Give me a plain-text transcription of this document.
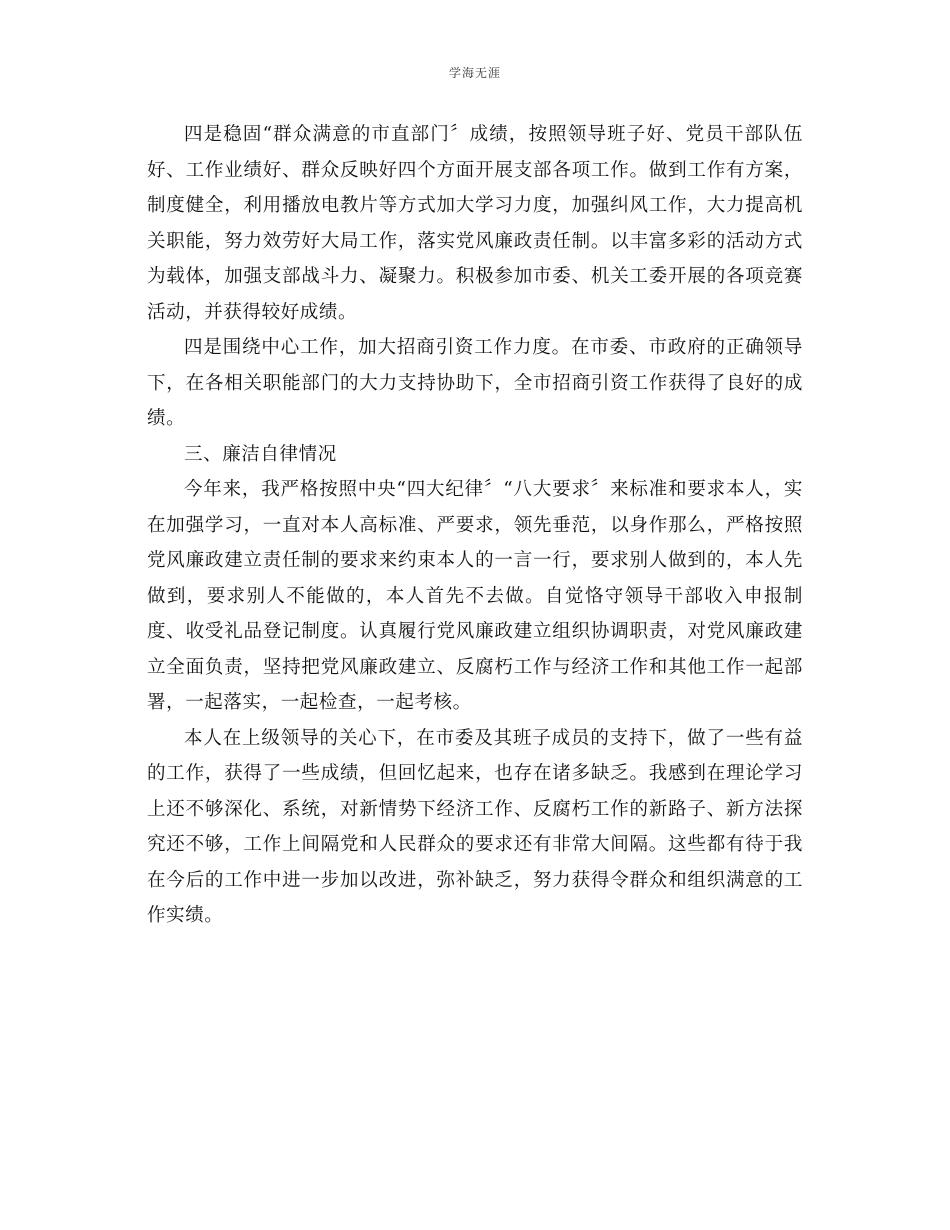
学海无涯

四是稳固“群众满意的市直部门〞成绩，按照领导班子好、党员干部队伍好、工作业绩好、群众反映好四个方面开展支部各项工作。做到工作有方案，制度健全，利用播放电教片等方式加大学习力度，加强纠风工作，大力提高机关职能，努力效劳好大局工作，落实党风廉政责任制。以丰富多彩的活动方式为载体，加强支部战斗力、凝聚力。积极参加市委、机关工委开展的各项竞赛活动，并获得较好成绩。

四是围绕中心工作，加大招商引资工作力度。在市委、市政府的正确领导下，在各相关职能部门的大力支持协助下，全市招商引资工作获得了良好的成绩。

三、廉洁自律情况

今年来，我严格按照中央“四大纪律〞“八大要求〞来标准和要求本人，实在加强学习，一直对本人高标准、严要求，领先垂范，以身作那么，严格按照党风廉政建立责任制的要求来约束本人的一言一行，要求别人做到的，本人先做到，要求别人不能做的，本人首先不去做。自觉恪守领导干部收入申报制度、收受礼品登记制度。认真履行党风廉政建立组织协调职责，对党风廉政建立全面负责，坚持把党风廉政建立、反腐朽工作与经济工作和其他工作一起部署，一起落实，一起检查，一起考核。

本人在上级领导的关心下，在市委及其班子成员的支持下，做了一些有益的工作，获得了一些成绩，但回忆起来，也存在诸多缺乏。我感到在理论学习上还不够深化、系统，对新情势下经济工作、反腐朽工作的新路子、新方法探究还不够，工作上间隔党和人民群众的要求还有非常大间隔。这些都有待于我在今后的工作中进一步加以改进，弥补缺乏，努力获得令群众和组织满意的工作实绩。
